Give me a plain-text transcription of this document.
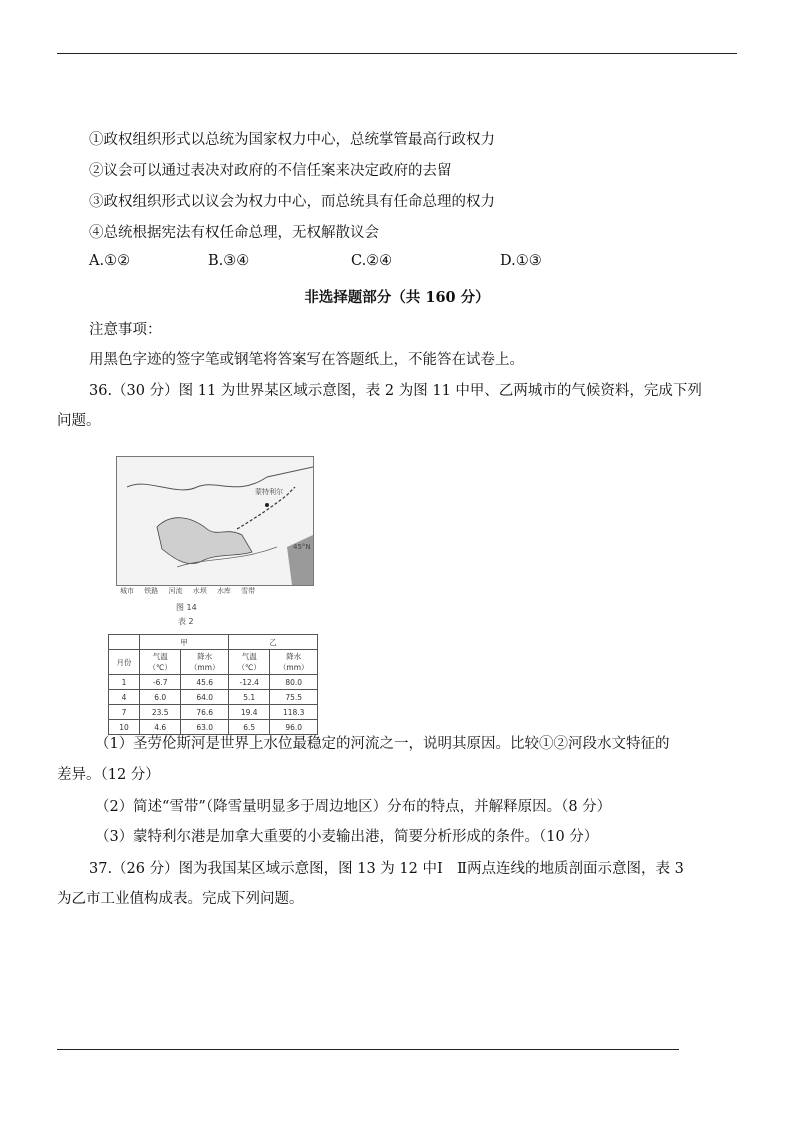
①政权组织形式以总统为国家权力中心，总统掌管最高行政权力
②议会可以通过表决对政府的不信任案来决定政府的去留
③政权组织形式以议会为权力中心，而总统具有任命总理的权力
④总统根据宪法有权任命总理，无权解散议会
A.①②	B.③④	C.②④	D.①③
非选择题部分（共 160 分）
注意事项：
用黑色字迹的签字笔或钢笔将答案写在答题纸上，不能答在试卷上。
36.（30 分）图 11 为世界某区域示意图，表 2 为图 11 中甲、乙两城市的气候资料，完成下列
问题。
蒙特利尔
45°N
城市 铁路 河流 水坝 水库 雪带
图 14
表 2
	甲		乙	
月份	气温（℃）	降水（mm）	气温（℃）	降水（mm）
1	-6.7	45.6	-12.4	80.0
4	6.0	64.0	5.1	75.5
7	23.5	76.6	19.4	118.3
10	4.6	63.0	6.5	96.0
（1）圣劳伦斯河是世界上水位最稳定的河流之一，说明其原因。比较①②河段水文特征的
差异。（12 分）
（2）简述“雪带”（降雪量明显多于周边地区）分布的特点，并解释原因。（8 分）
（3）蒙特利尔港是加拿大重要的小麦输出港，简要分析形成的条件。（10 分）
37.（26 分）图为我国某区域示意图，图 13 为 12 中Ⅰ　Ⅱ两点连线的地质剖面示意图，表 3
为乙市工业值构成表。完成下列问题。
